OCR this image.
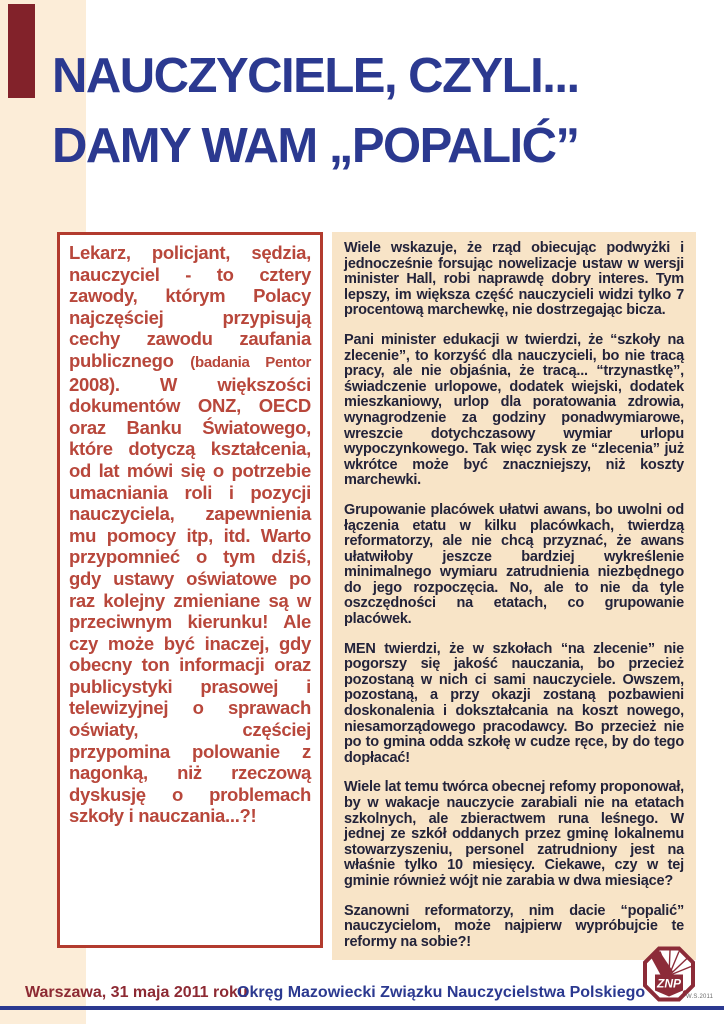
NAUCZYCIELE, CZYLI...
DAMY WAM „POPALIĆ”
Lekarz, policjant, sędzia, nauczyciel - to cztery zawody, którym Polacy najczęściej przypisują cechy zawodu zaufania publicznego (badania Pentor 2008). W większości dokumentów ONZ, OECD oraz Banku Światowego, które dotyczą kształcenia, od lat mówi się o potrzebie umacniania roli i pozycji nauczyciela, zapewnienia mu pomocy itp, itd. Warto przypomnieć o tym dziś, gdy ustawy oświatowe po raz kolejny zmieniane są w przeciwnym kierunku! Ale czy może być inaczej, gdy obecny ton informacji oraz publicystyki prasowej i telewizyjnej o sprawach oświaty, częściej przypomina polowanie z nagonką, niż rzeczową dyskusję o problemach szkoły i nauczania...?!

Wiele wskazuje, że rząd obiecując podwyżki i jednocześnie forsując nowelizacje ustaw w wersji minister Hall, robi naprawdę dobry interes. Tym lepszy, im większa część nauczycieli widzi tylko 7 procentową marchewkę, nie dostrzegając bicza.

Pani minister edukacji w twierdzi, że “szkoły na zlecenie”, to korzyść dla nauczycieli, bo nie tracą pracy, ale nie objaśnia, że tracą... “trzynastkę”, świadczenie urlopowe, dodatek wiejski, dodatek mieszkaniowy, urlop dla poratowania zdrowia, wynagrodzenie za godziny ponadwymiarowe, wreszcie dotychczasowy wymiar urlopu wypoczynkowego. Tak więc zysk ze “zlecenia” już wkrótce może być znaczniejszy, niż koszty marchewki.

Grupowanie placówek ułatwi awans, bo uwolni od łączenia etatu w kilku placówkach, twierdzą reformatorzy, ale nie chcą przyznać, że awans ułatwiłoby jeszcze bardziej wykreślenie minimalnego wymiaru zatrudnienia niezbędnego do jego rozpoczęcia. No, ale to nie da tyle oszczędności na etatach, co grupowanie placówek.

MEN twierdzi, że w szkołach “na zlecenie” nie pogorszy się jakość nauczania, bo przecież pozostaną w nich ci sami nauczyciele. Owszem, pozostaną, a przy okazji zostaną pozbawieni doskonalenia i dokształcania na koszt nowego, niesamorządowego pracodawcy. Bo przecież nie po to gmina odda szkołę w cudze ręce, by do tego dopłacać!

Wiele lat temu twórca obecnej refomy proponował, by w wakacje nauczycie zarabiali nie na etatach szkolnych, ale zbieractwem runa leśnego. W jednej ze szkół oddanych przez gminę lokalnemu stowarzyszeniu, personel zatrudniony jest na właśnie tylko 10 miesięcy. Ciekawe, czy w tej gminie również wójt nie zarabia w dwa miesiące?

Szanowni reformatorzy, nim dacie “popalić” nauczycielom, może najpierw wypróbujcie te reformy na sobie?!

Warszawa, 31 maja 2011 roku
Okręg Mazowiecki Związku Nauczycielstwa Polskiego
ZNP
W.S.2011
